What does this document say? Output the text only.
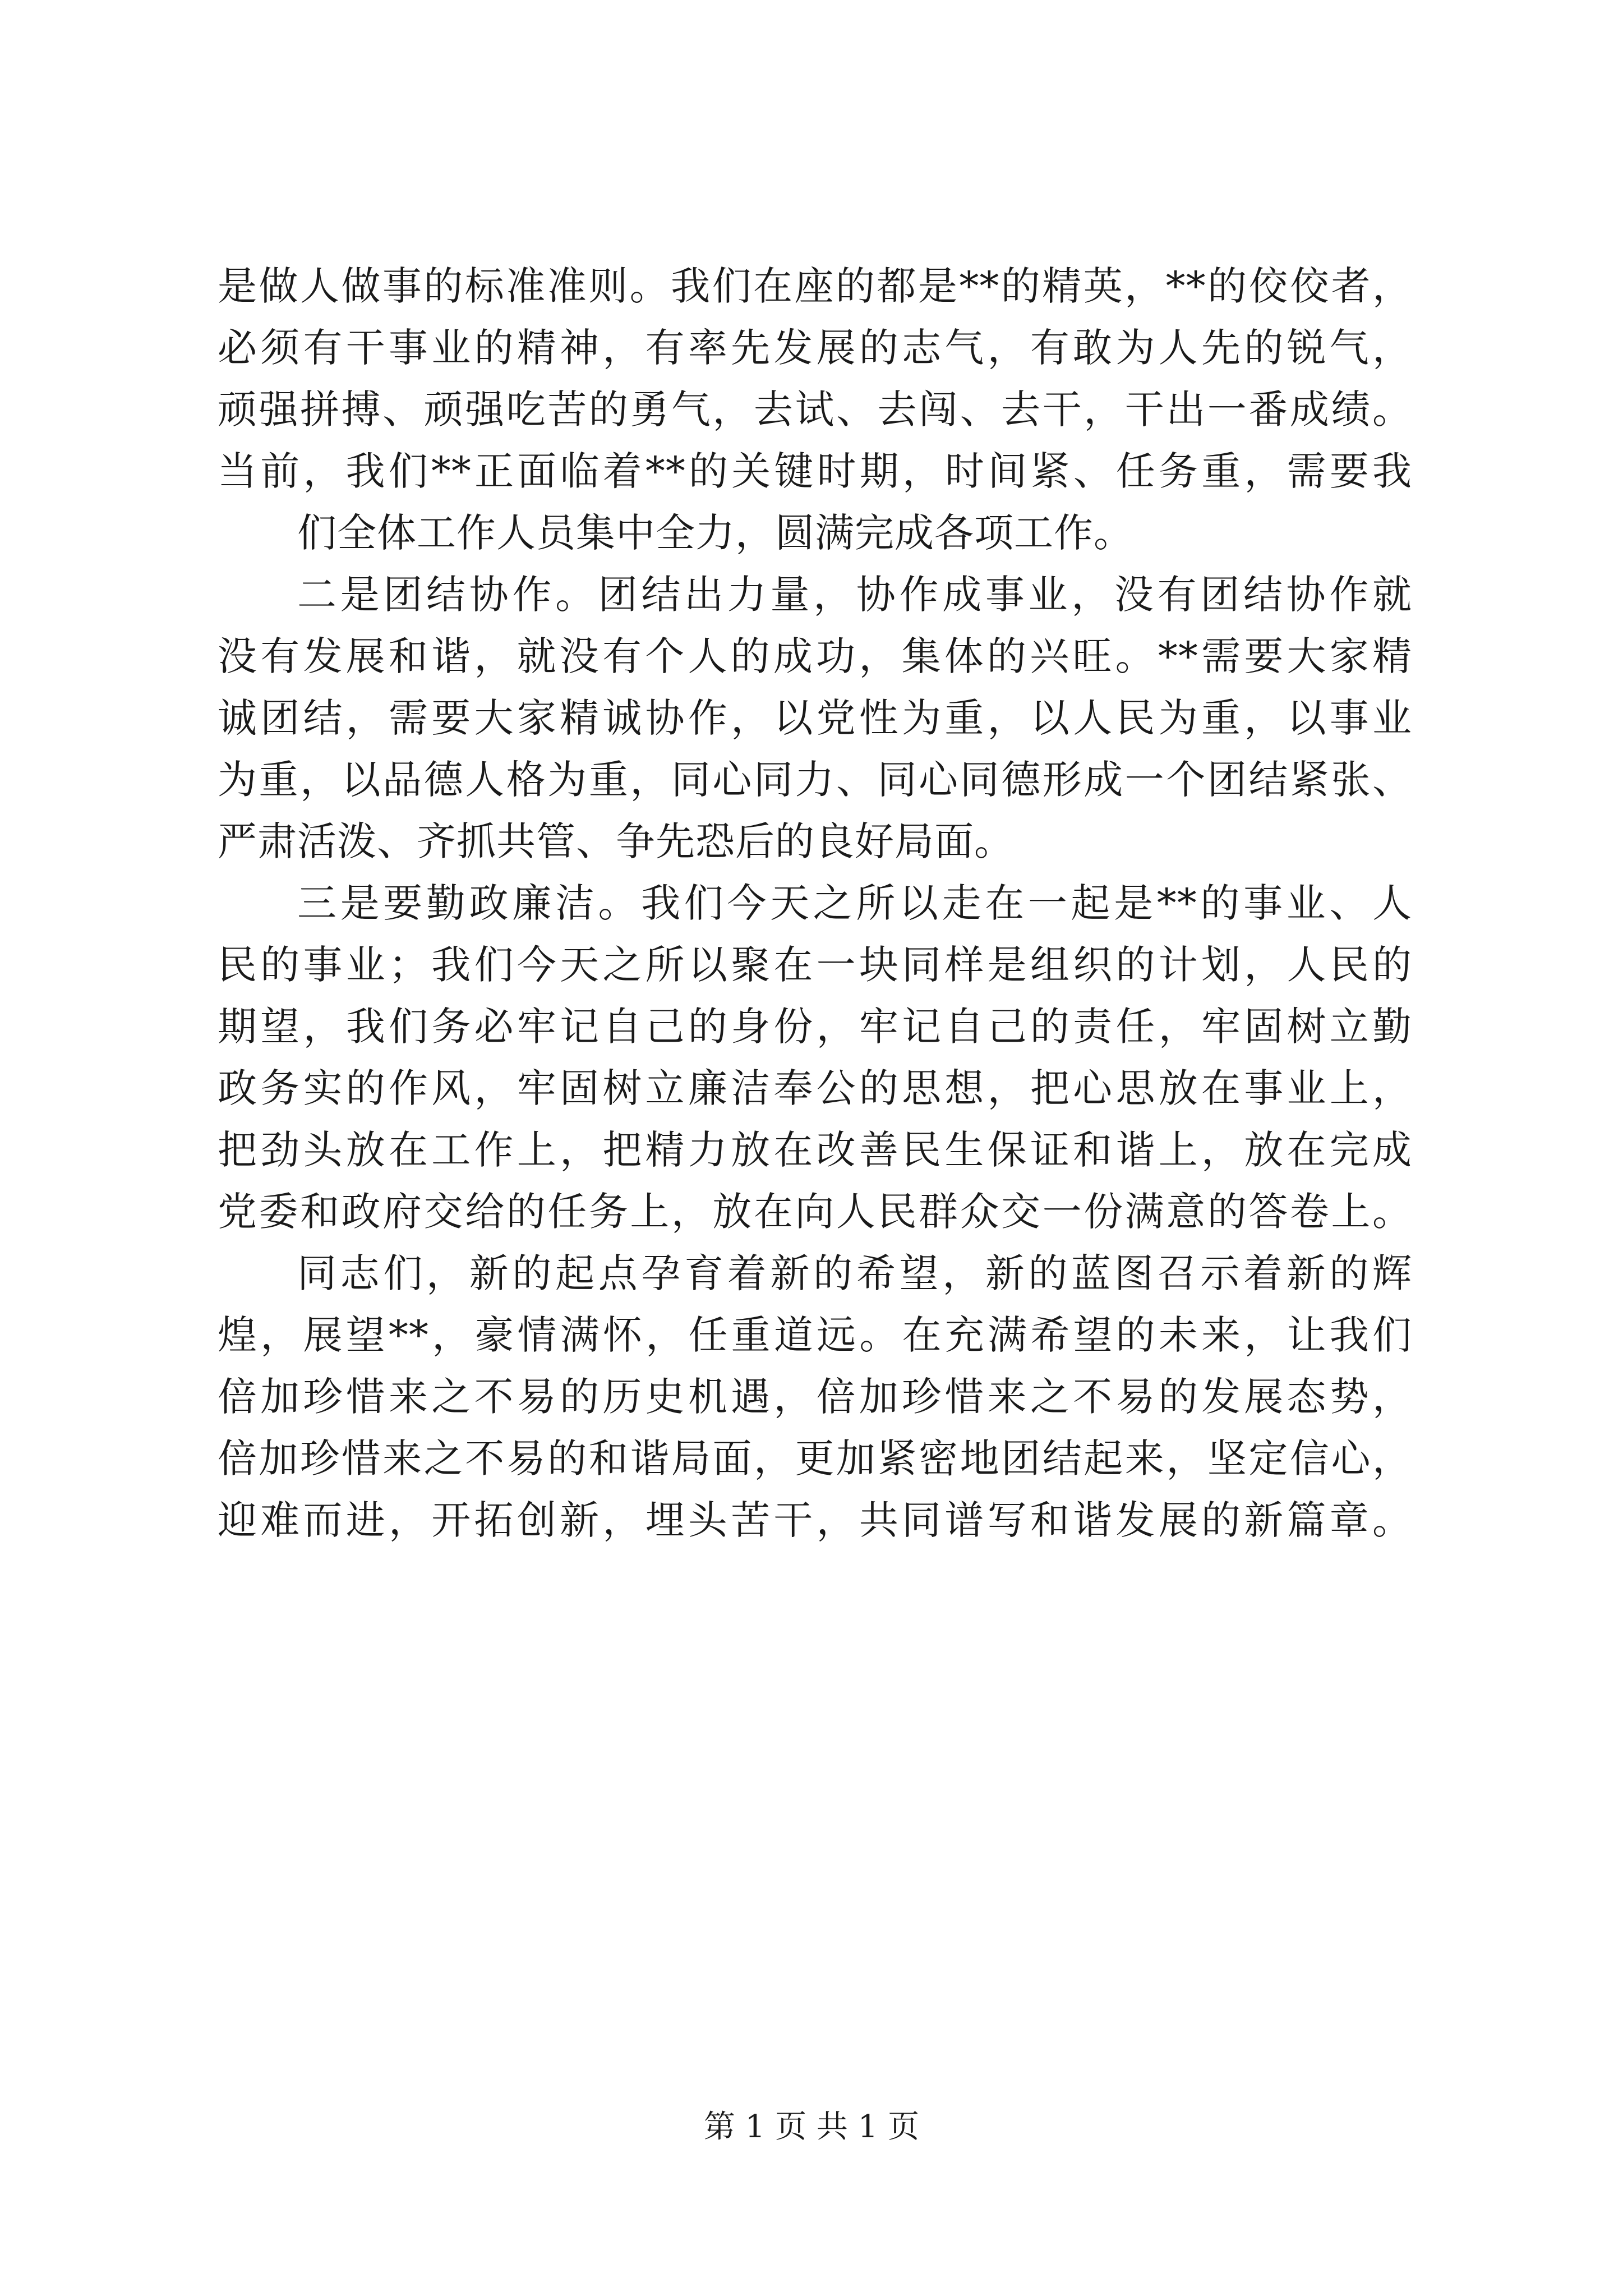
是做人做事的标准准则。我们在座的都是**的精英，**的佼佼者，
必须有干事业的精神，有率先发展的志气，有敢为人先的锐气，
顽强拼搏、顽强吃苦的勇气，去试、去闯、去干，干出一番成绩。
当前，我们**正面临着**的关键时期，时间紧、任务重，需要我
们全体工作人员集中全力，圆满完成各项工作。
二是团结协作。团结出力量，协作成事业，没有团结协作就
没有发展和谐，就没有个人的成功，集体的兴旺。**需要大家精
诚团结，需要大家精诚协作，以党性为重，以人民为重，以事业
为重，以品德人格为重，同心同力、同心同德形成一个团结紧张、
严肃活泼、齐抓共管、争先恐后的良好局面。
三是要勤政廉洁。我们今天之所以走在一起是**的事业、人
民的事业；我们今天之所以聚在一块同样是组织的计划，人民的
期望，我们务必牢记自己的身份，牢记自己的责任，牢固树立勤
政务实的作风，牢固树立廉洁奉公的思想，把心思放在事业上，
把劲头放在工作上，把精力放在改善民生保证和谐上，放在完成
党委和政府交给的任务上，放在向人民群众交一份满意的答卷上。
同志们，新的起点孕育着新的希望，新的蓝图召示着新的辉
煌，展望**，豪情满怀，任重道远。在充满希望的未来，让我们
倍加珍惜来之不易的历史机遇，倍加珍惜来之不易的发展态势，
倍加珍惜来之不易的和谐局面，更加紧密地团结起来，坚定信心，
迎难而进，开拓创新，埋头苦干，共同谱写和谐发展的新篇章。
第 1 页 共 1 页
